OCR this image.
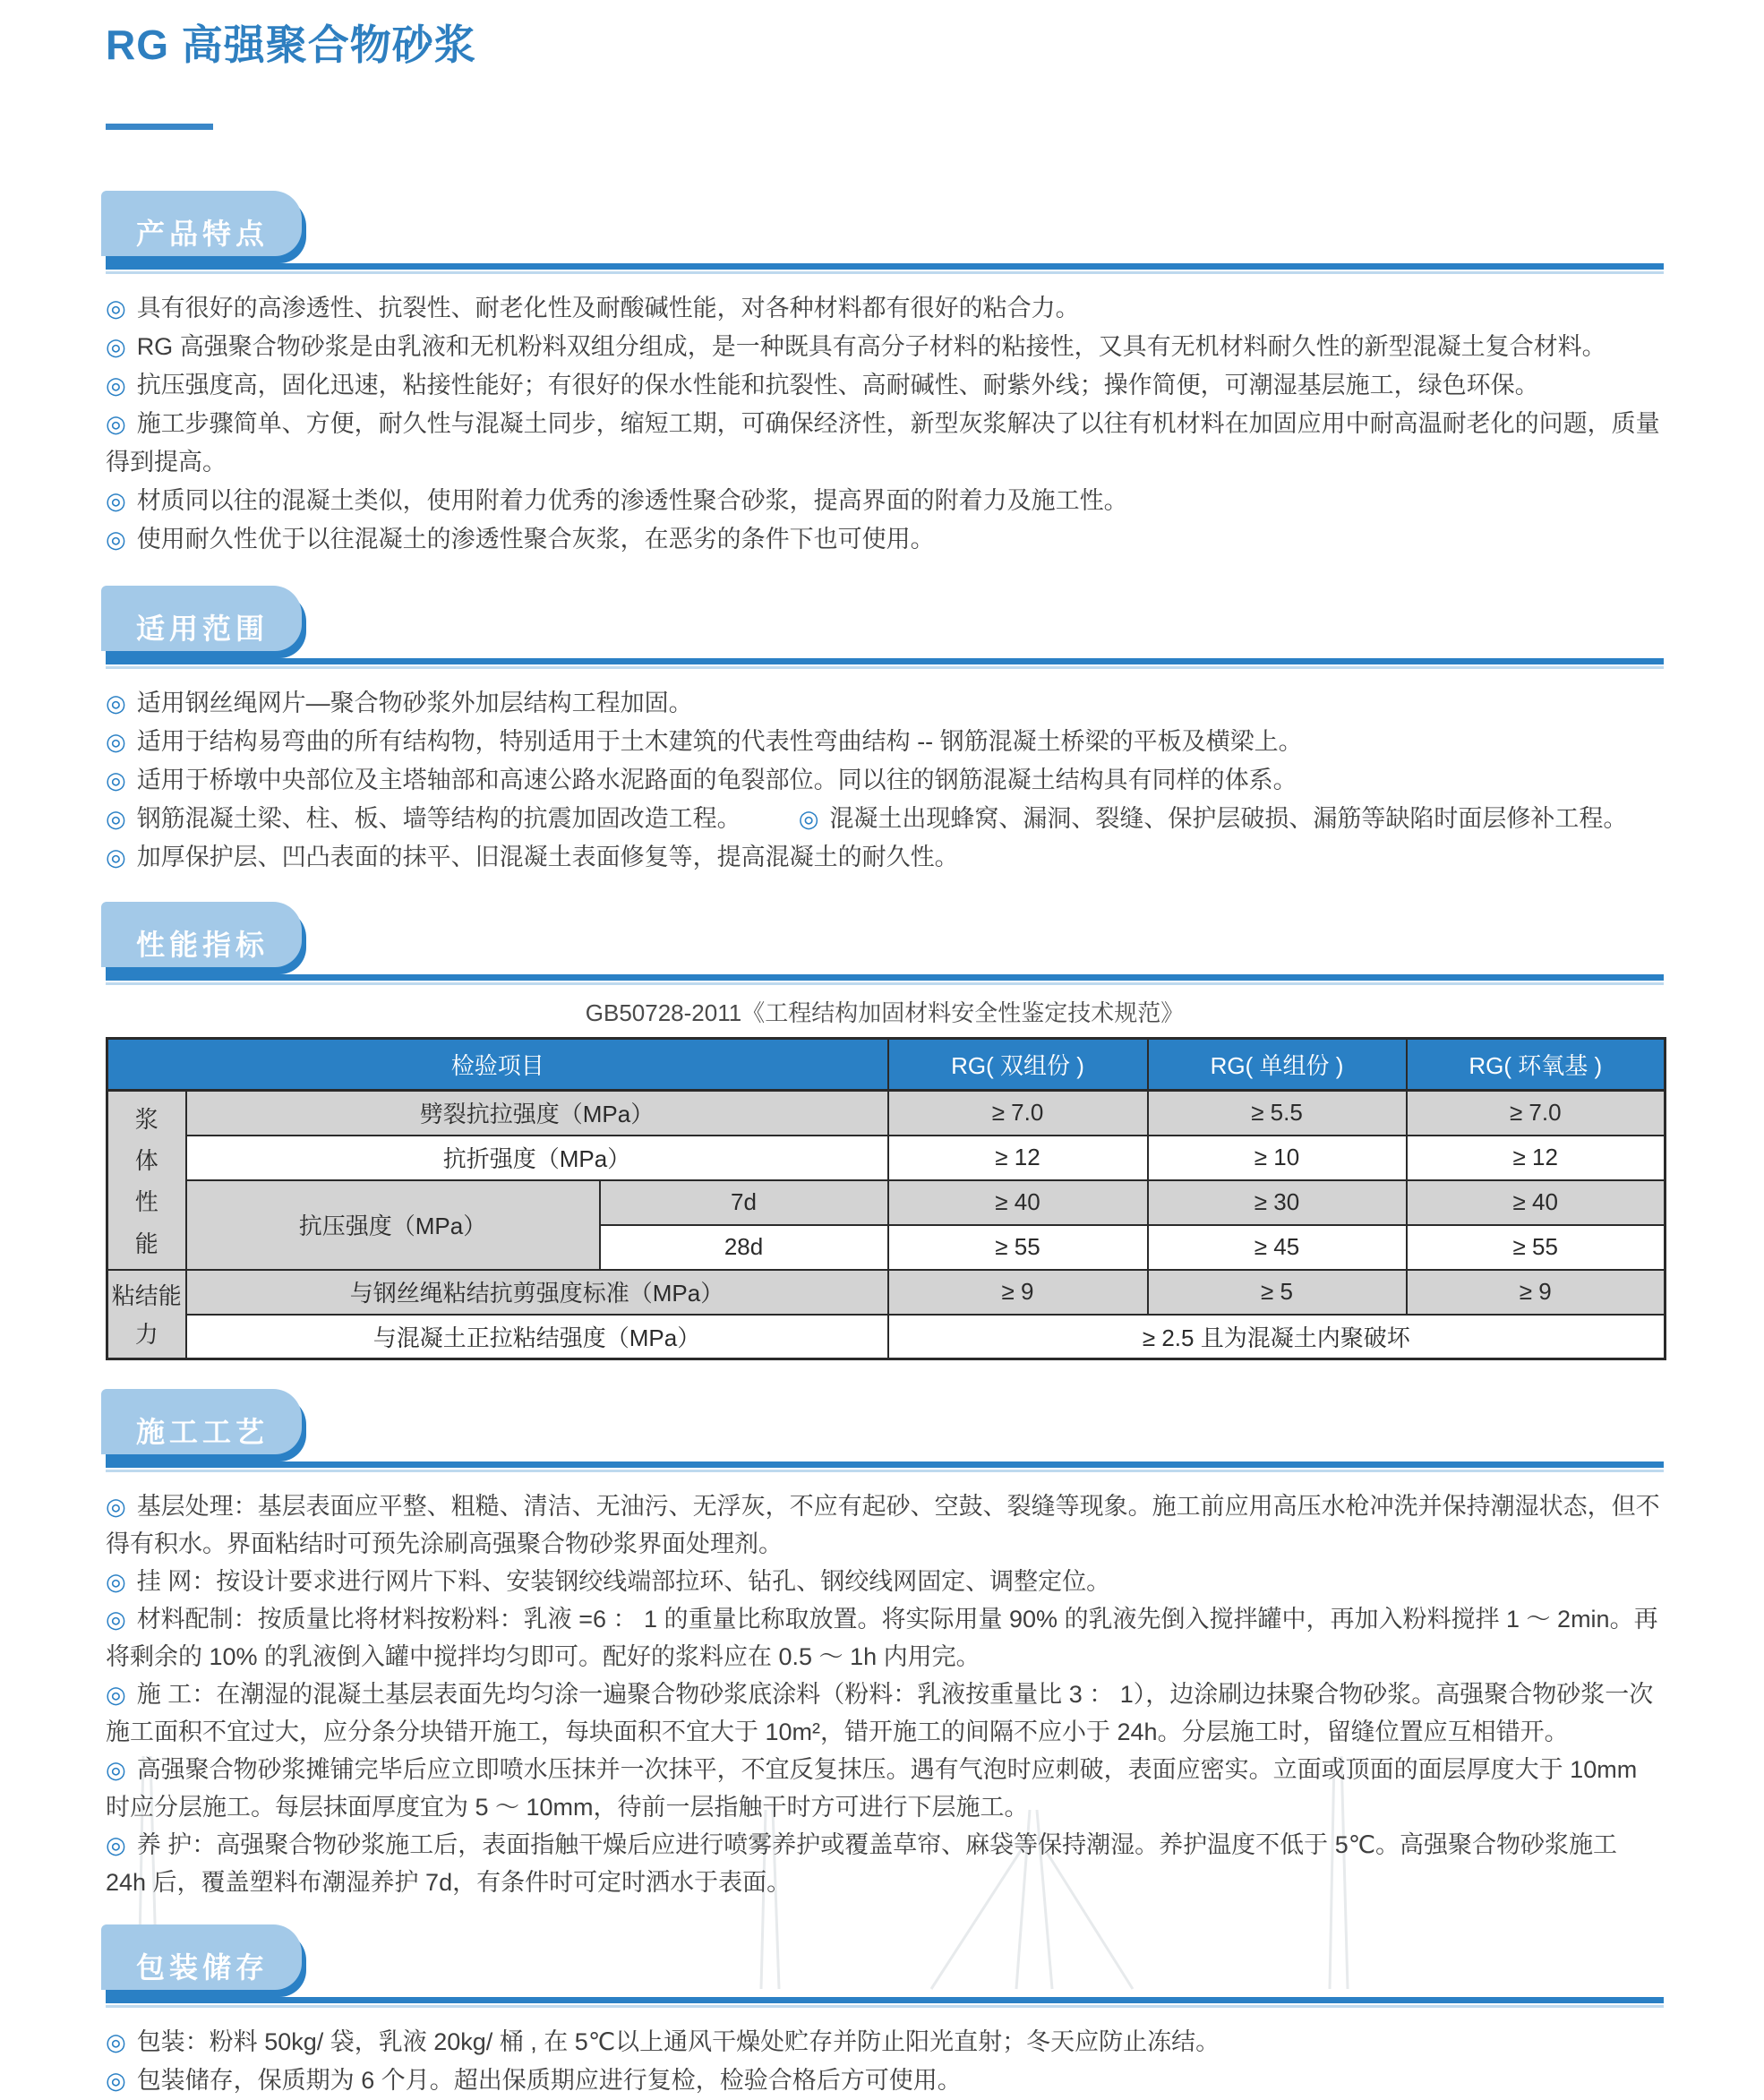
RG 高强聚合物砂浆
产品特点

◎ 具有很好的高渗透性、抗裂性、耐老化性及耐酸碱性能，对各种材料都有很好的粘合力。

◎ RG 高强聚合物砂浆是由乳液和无机粉料双组分组成，是一种既具有高分子材料的粘接性，又具有无机材料耐久性的新型混凝土复合材料。

◎ 抗压强度高，固化迅速，粘接性能好；有很好的保水性能和抗裂性、高耐碱性、耐紫外线；操作简便，可潮湿基层施工，绿色环保。

◎ 施工步骤简单、方便，耐久性与混凝土同步，缩短工期，可确保经济性，新型灰浆解决了以往有机材料在加固应用中耐高温耐老化的问题，质量得到提高。

◎ 材质同以往的混凝土类似，使用附着力优秀的渗透性聚合砂浆，提高界面的附着力及施工性。

◎ 使用耐久性优于以往混凝土的渗透性聚合灰浆，在恶劣的条件下也可使用。

适用范围

◎ 适用钢丝绳网片—聚合物砂浆外加层结构工程加固。

◎ 适用于结构易弯曲的所有结构物，特别适用于土木建筑的代表性弯曲结构 -- 钢筋混凝土桥梁的平板及横梁上。

◎ 适用于桥墩中央部位及主塔轴部和高速公路水泥路面的龟裂部位。同以往的钢筋混凝土结构具有同样的体系。

◎ 钢筋混凝土梁、柱、板、墙等结构的抗震加固改造工程。 ◎ 混凝土出现蜂窝、漏洞、裂缝、保护层破损、漏筋等缺陷时面层修补工程。

◎ 加厚保护层、凹凸表面的抹平、旧混凝土表面修复等，提高混凝土的耐久性。

性能指标
GB50728-2011《工程结构加固材料安全性鉴定技术规范》
检验项目			RG( 双组份 )	RG( 单组份 )	RG( 环氧基 )

浆
体
性
能	劈裂抗拉强度（MPa）		≥ 7.0	≥ 5.5	≥ 7.0
	抗折强度（MPa）		≥ 12	≥ 10	≥ 12
	抗压强度（MPa）	7d	≥ 40	≥ 30	≥ 40
		28d	≥ 55	≥ 45	≥ 55

粘结能
力	与钢丝绳粘结抗剪强度标准（MPa）		≥ 9	≥ 5	≥ 9
	与混凝土正拉粘结强度（MPa）		≥ 2.5 且为混凝土内聚破坏		
施工工艺

◎ 基层处理：基层表面应平整、粗糙、清洁、无油污、无浮灰，不应有起砂、空鼓、裂缝等现象。施工前应用高压水枪冲洗并保持潮湿状态，但不得有积水。界面粘结时可预先涂刷高强聚合物砂浆界面处理剂。

◎ 挂 网：按设计要求进行网片下料、安装钢绞线端部拉环、钻孔、钢绞线网固定、调整定位。

◎ 材料配制：按质量比将材料按粉料：乳液 =6 ： 1 的重量比称取放置。将实际用量 90% 的乳液先倒入搅拌罐中，再加入粉料搅拌 1 ～ 2min。再将剩余的 10% 的乳液倒入罐中搅拌均匀即可。配好的浆料应在 0.5 ～ 1h 内用完。

◎ 施 工：在潮湿的混凝土基层表面先均匀涂一遍聚合物砂浆底涂料（粉料：乳液按重量比 3 ： 1），边涂刷边抹聚合物砂浆。高强聚合物砂浆一次施工面积不宜过大，应分条分块错开施工，每块面积不宜大于 10m²，错开施工的间隔不应小于 24h。分层施工时，留缝位置应互相错开。

◎ 高强聚合物砂浆摊铺完毕后应立即喷水压抹并一次抹平，不宜反复抹压。遇有气泡时应刺破，表面应密实。立面或顶面的面层厚度大于 10mm 时应分层施工。每层抹面厚度宜为 5 ～ 10mm，待前一层指触干时方可进行下层施工。

◎ 养 护：高强聚合物砂浆施工后，表面指触干燥后应进行喷雾养护或覆盖草帘、麻袋等保持潮湿。养护温度不低于 5℃。高强聚合物砂浆施工 24h 后，覆盖塑料布潮湿养护 7d，有条件时可定时洒水于表面。

包装储存

◎ 包装：粉料 50kg/ 袋，乳液 20kg/ 桶 , 在 5℃以上通风干燥处贮存并防止阳光直射；冬天应防止冻结。

◎ 包装储存，保质期为 6 个月。超出保质期应进行复检，检验合格后方可使用。
